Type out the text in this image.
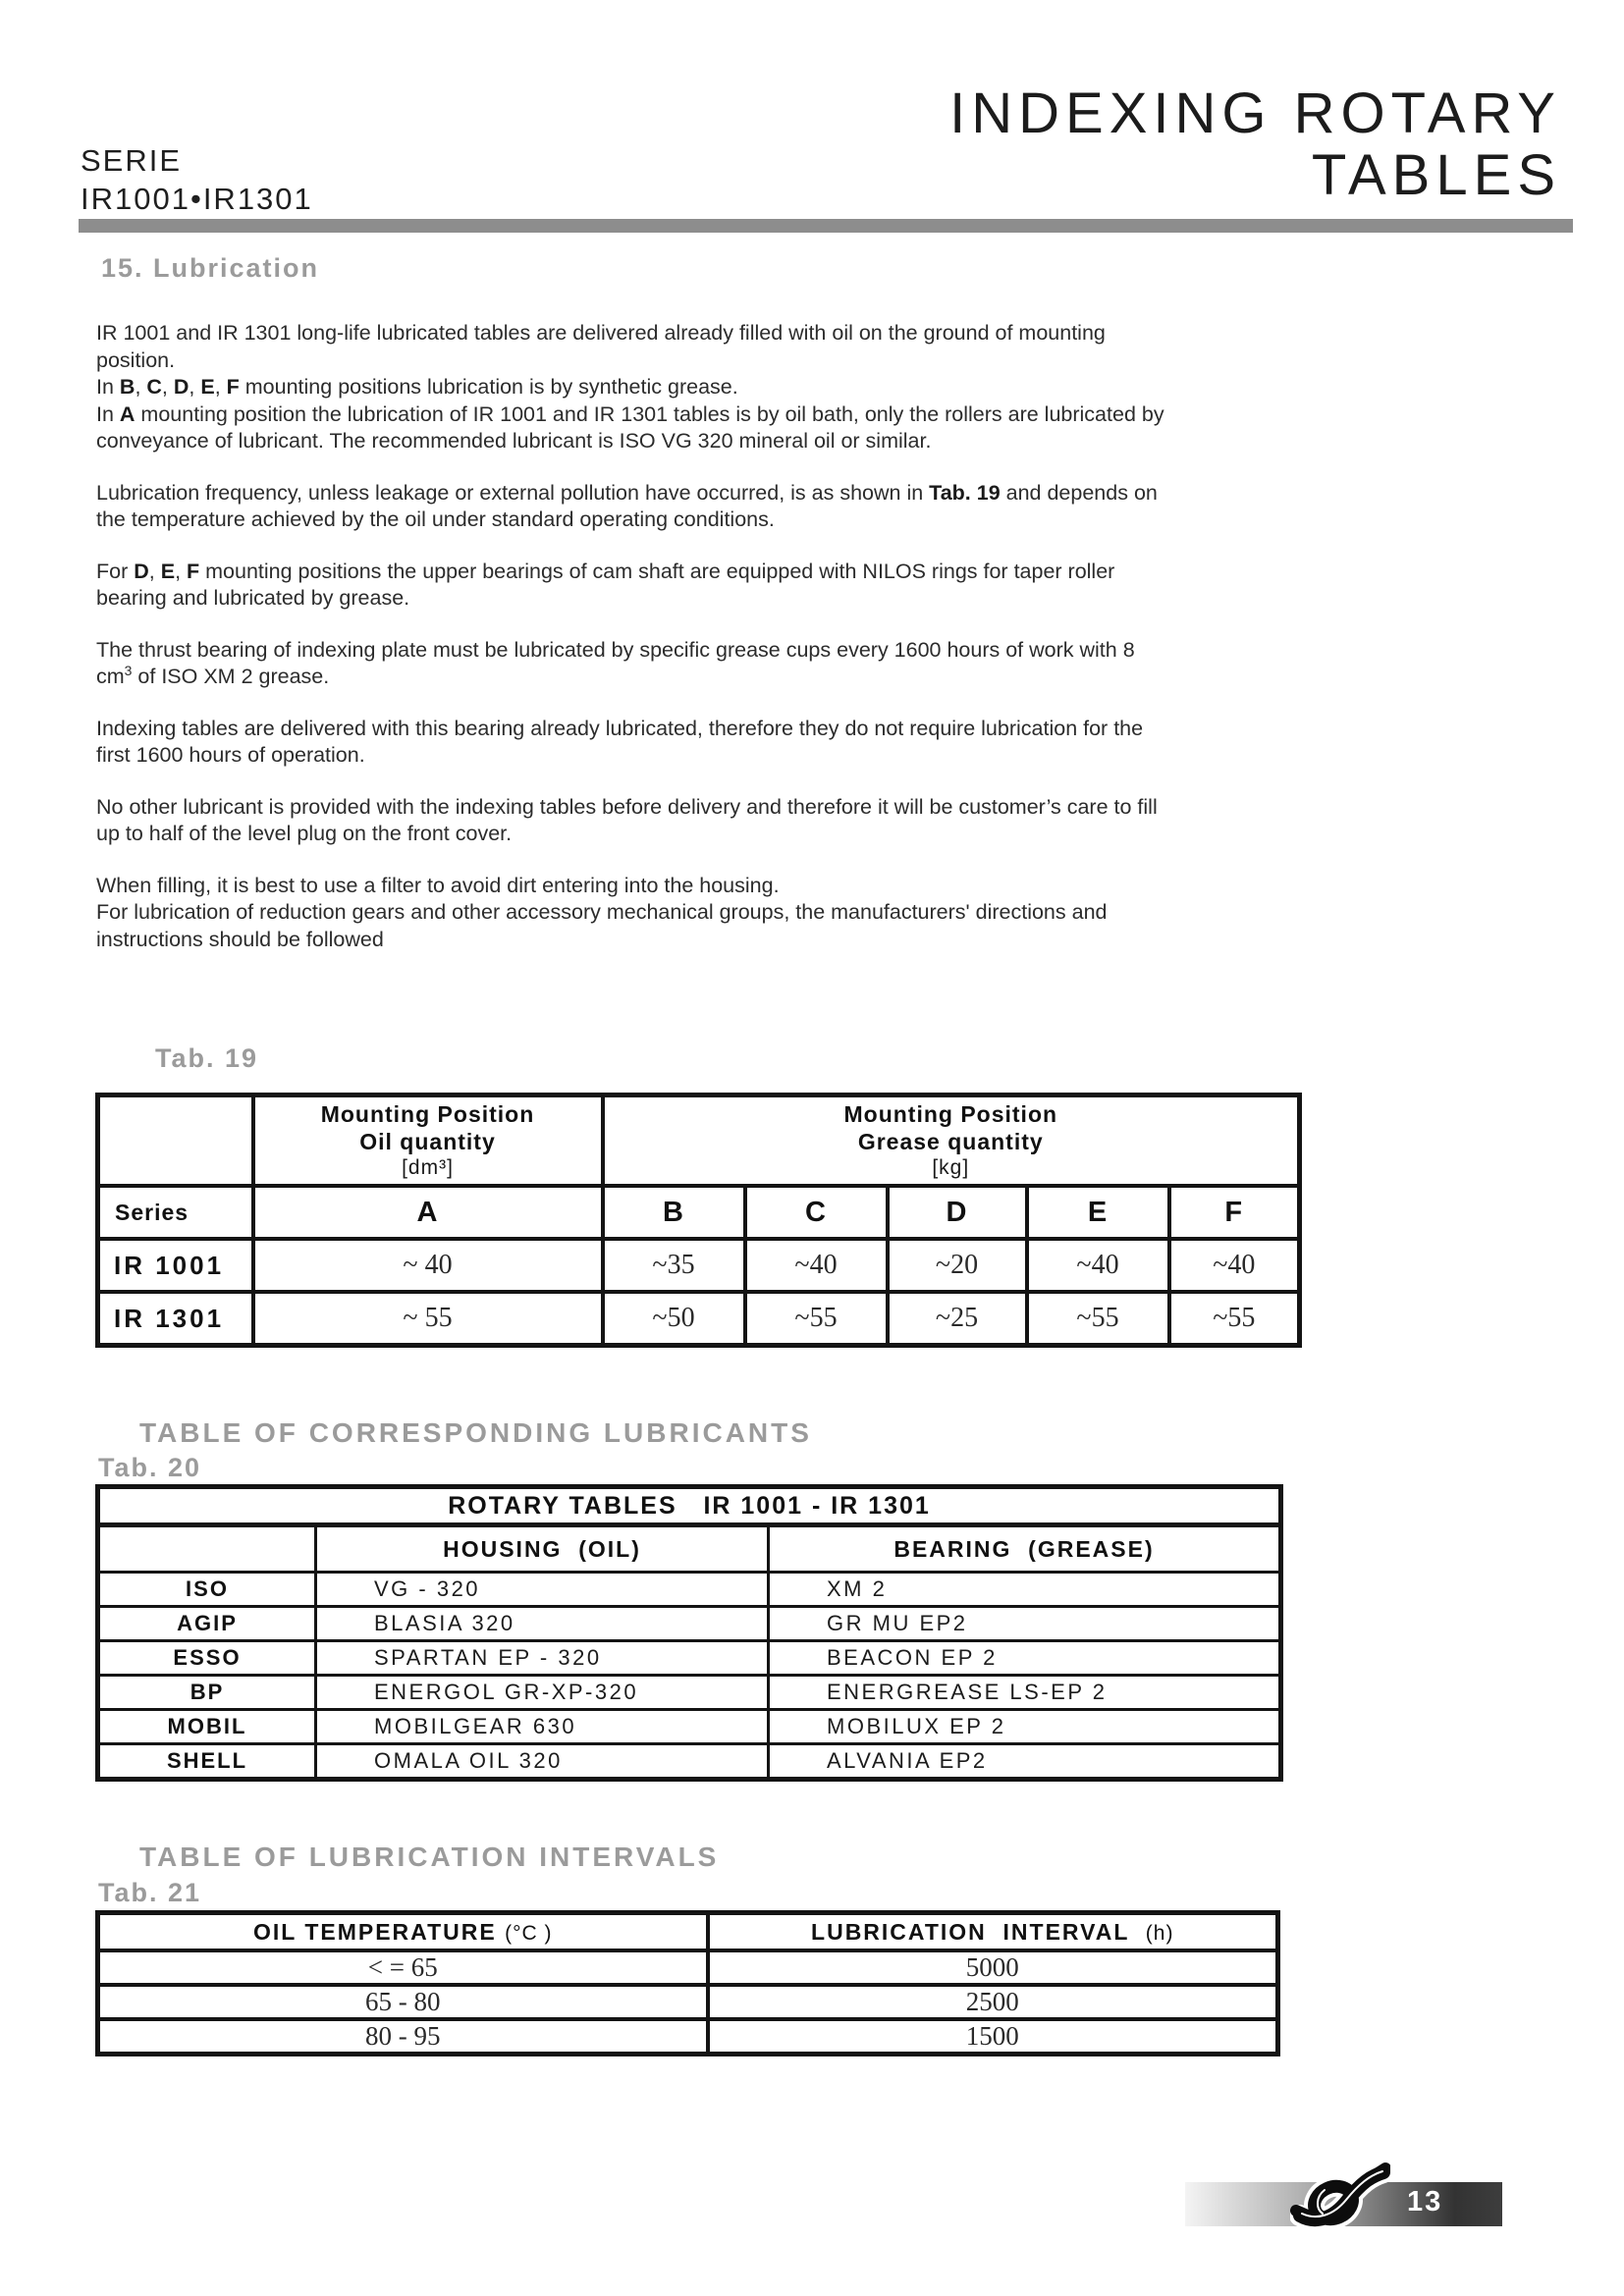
SERIE
IR1001•IR1301
INDEXING ROTARY
TABLES
15. Lubrication
IR 1001 and IR 1301 long-life lubricated tables are delivered already filled with oil on the ground of mounting
position.
In B, C, D, E, F mounting positions lubrication is by synthetic grease.
In A mounting position the lubrication of IR 1001 and IR 1301 tables is by oil bath, only the rollers are lubricated by
conveyance of lubricant. The recommended lubricant is ISO VG 320 mineral oil or similar.
Lubrication frequency, unless leakage or external pollution have occurred, is as shown in Tab. 19 and depends on
the temperature achieved by the oil under standard operating conditions.
For D, E, F mounting positions the upper bearings of cam shaft are equipped with NILOS rings for taper roller
bearing and lubricated by grease.
The thrust bearing of indexing plate must be lubricated by specific grease cups every 1600 hours of work with 8
$cm^3$ of ISO XM 2 grease.
Indexing tables are delivered with this bearing already lubricated, therefore they do not require lubrication for the
first 1600 hours of operation.
No other lubricant is provided with the indexing tables before delivery and therefore it will be customer’s care to fill
up to half of the level plug on the front cover.
When filling, it is best to use a filter to avoid dirt entering into the housing.
For lubrication of reduction gears and other accessory mechanical groups, the manufacturers' directions and
instructions should be followed
Tab. 19

Mounting Position
Oil quantity
[dm³]

Mounting Position
Grease quantity
[kg]

Series	A	B	C	D	E	F
IR 1001	~ 40	~35	~40	~20	~40	~40
IR 1301	~ 55	~50	~55	~25	~55	~55
TABLE OF CORRESPONDING LUBRICANTS
Tab. 20
ROTARY TABLES   IR 1001 - IR 1301		
	HOUSING  (OIL)	BEARING  (GREASE)
ISO	VG - 320	XM 2
AGIP	BLASIA 320	GR MU EP2
ESSO	SPARTAN EP - 320	BEACON EP 2
BP	ENERGOL GR-XP-320	ENERGREASE LS-EP 2
MOBIL	MOBILGEAR 630	MOBILUX EP 2
SHELL	OMALA OIL 320	ALVANIA EP2
TABLE OF LUBRICATION INTERVALS
Tab. 21
OIL TEMPERATURE (°C )	LUBRICATION  INTERVAL  (h)
< = 65	5000
65 - 80	2500
80 - 95	1500
13
